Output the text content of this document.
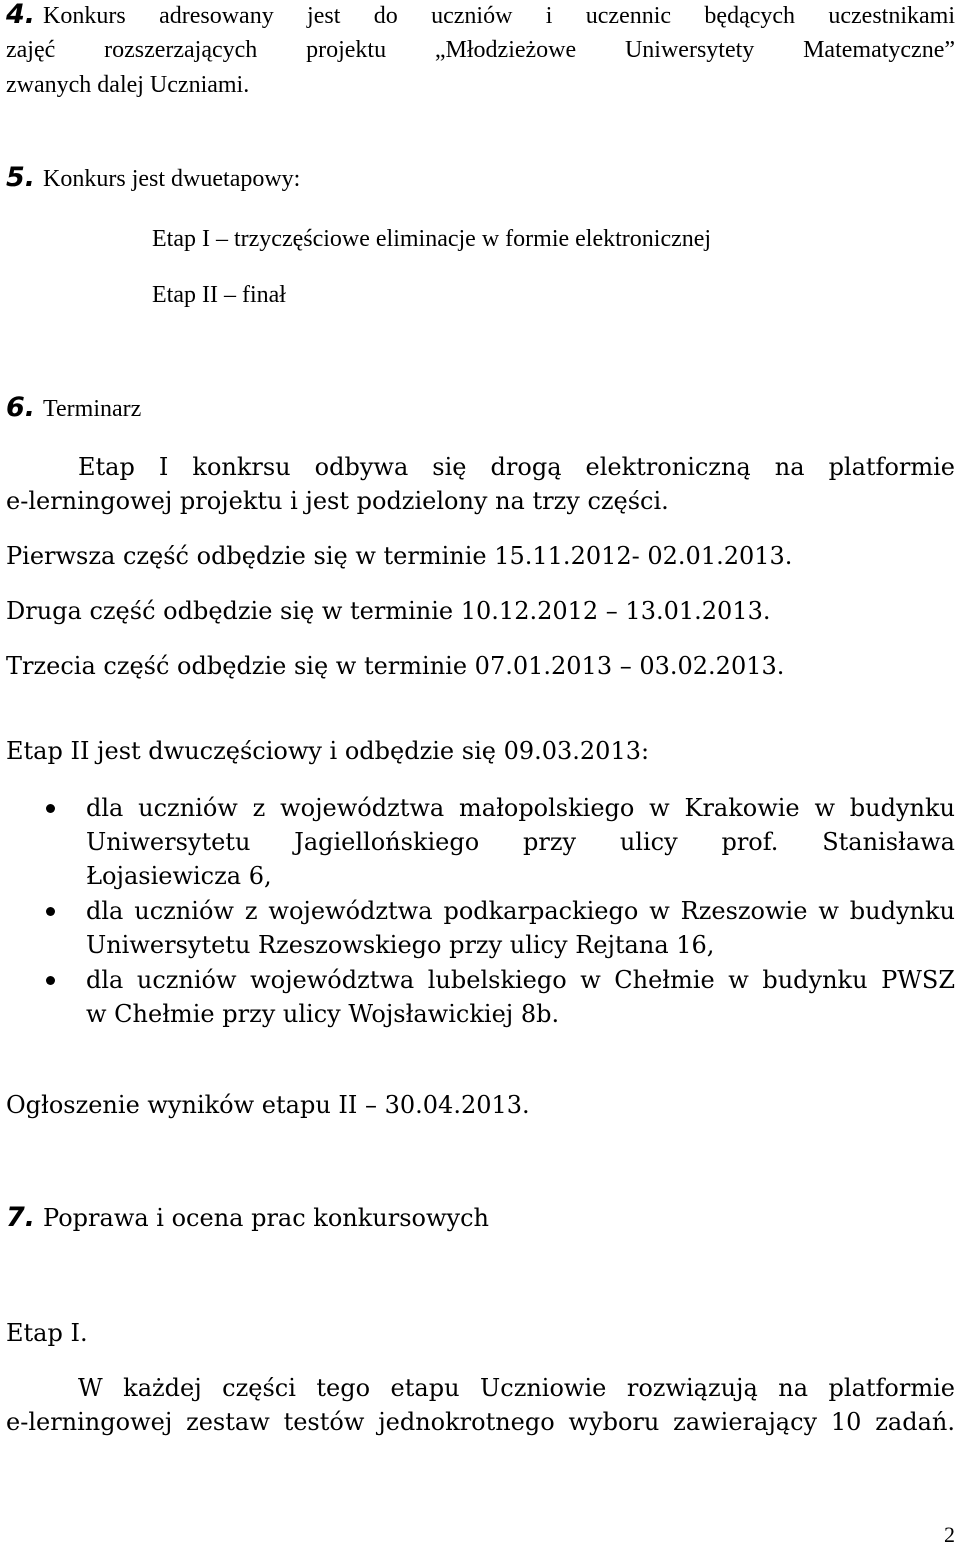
4. Konkurs adresowany jest do uczniów i uczennic będących uczestnikami
zajęć rozszerzających projektu „Młodzieżowe Uniwersytety Matematyczne”
zwanych dalej Uczniami.
5. Konkurs jest dwuetapowy:
Etap I – trzyczęściowe eliminacje w formie elektronicznej
Etap II – finał
6. Terminarz
Etap I konkrsu odbywa się drogą elektroniczną na platformie
e-lerningowej projektu i jest podzielony na trzy części.
Pierwsza część odbędzie się w terminie 15.11.2012- 02.01.2013.
Druga część odbędzie się w terminie 10.12.2012 – 13.01.2013.
Trzecia część odbędzie się w terminie 07.01.2013 – 03.02.2013.
Etap II jest dwuczęściowy i odbędzie się 09.03.2013:
dla uczniów z województwa małopolskiego w Krakowie w budynku
Uniwersytetu Jagiellońskiego przy ulicy prof. Stanisława
Łojasiewicza 6,
dla uczniów z województwa podkarpackiego w Rzeszowie w budynku
Uniwersytetu Rzeszowskiego przy ulicy Rejtana 16,
dla uczniów województwa lubelskiego w Chełmie w budynku PWSZ
w Chełmie przy ulicy Wojsławickiej 8b.
Ogłoszenie wyników etapu II – 30.04.2013.
7. Poprawa i ocena prac konkursowych
Etap I.
W każdej części tego etapu Uczniowie rozwiązują na platformie
e-lerningowej zestaw testów jednokrotnego wyboru zawierający 10 zadań.
2
